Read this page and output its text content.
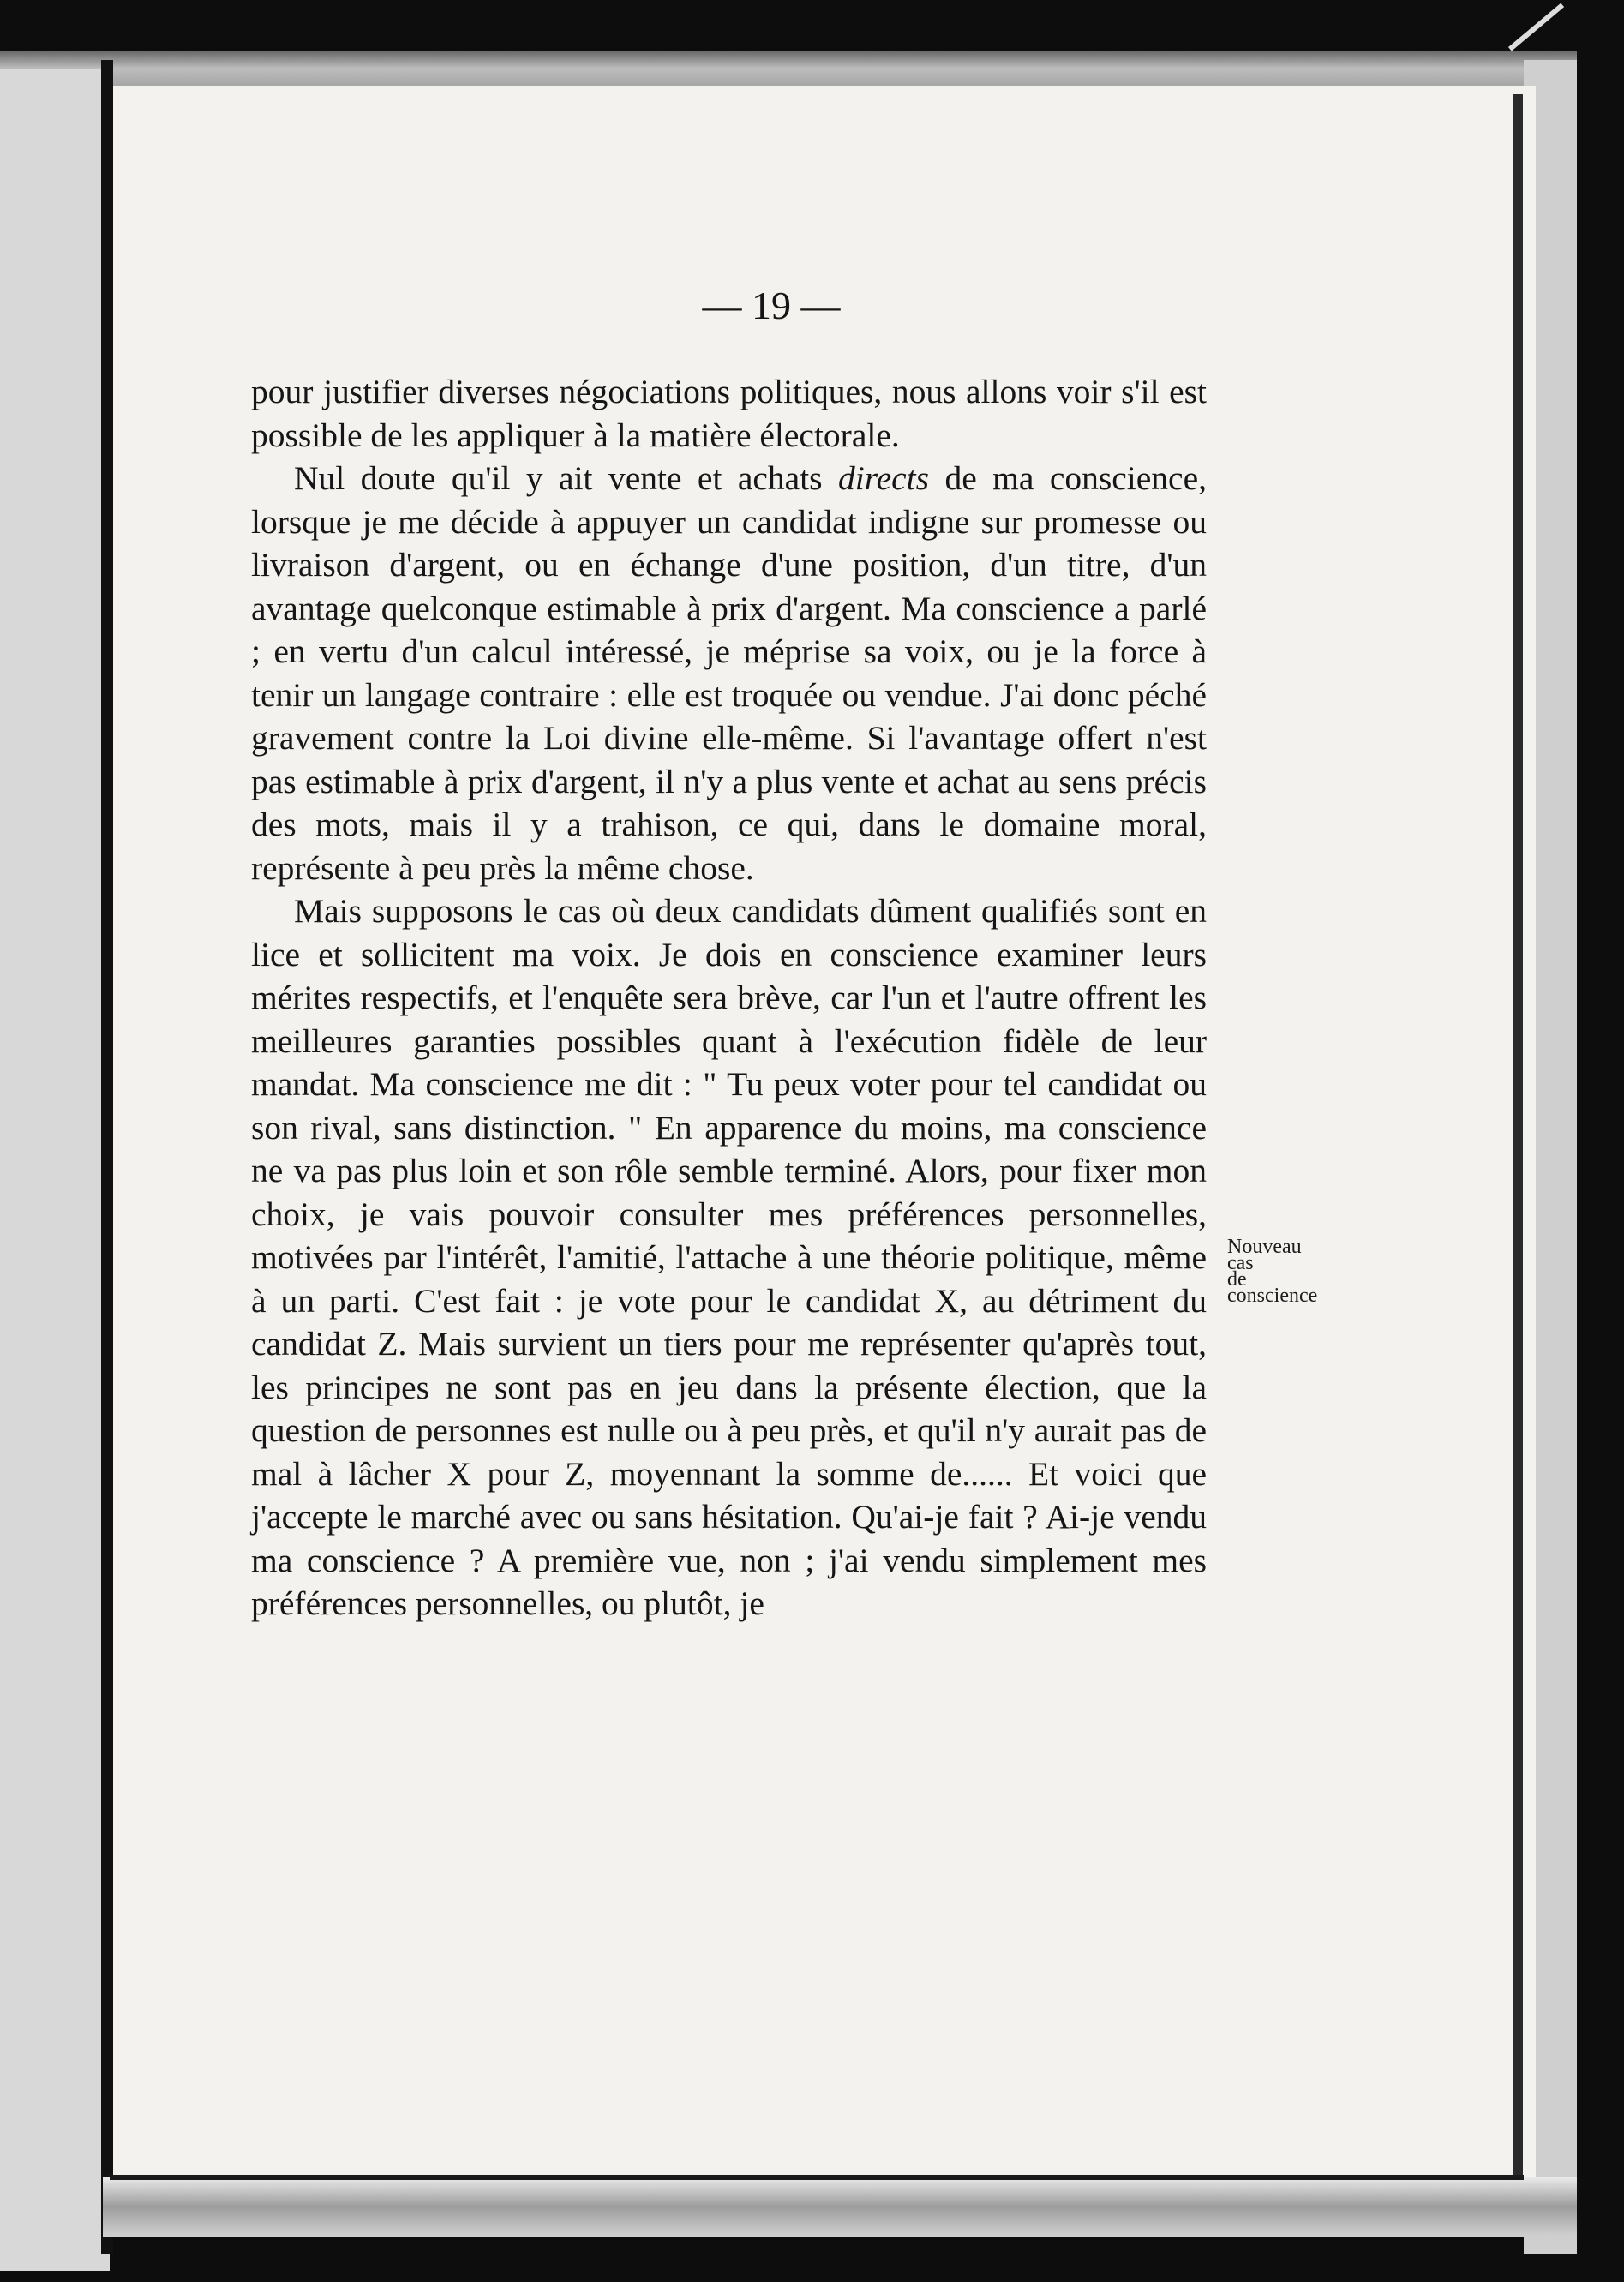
— 19 —

pour justifier diverses négociations politiques, nous allons voir s'il est possible de les appliquer à la matière électorale.

Nul doute qu'il y ait vente et achats directs de ma conscience, lorsque je me décide à appuyer un candidat indigne sur promesse ou livraison d'argent, ou en échange d'une position, d'un titre, d'un avantage quelconque estimable à prix d'argent. Ma conscience a parlé ; en vertu d'un calcul intéressé, je méprise sa voix, ou je la force à tenir un langage contraire : elle est troquée ou vendue. J'ai donc péché gravement contre la Loi divine elle-même. Si l'avantage offert n'est pas estimable à prix d'argent, il n'y a plus vente et achat au sens précis des mots, mais il y a trahison, ce qui, dans le domaine moral, représente à peu près la même chose.

Mais supposons le cas où deux candidats dûment qualifiés sont en lice et sollicitent ma voix. Je dois en conscience examiner leurs mérites respectifs, et l'enquête sera brève, car l'un et l'autre offrent les meilleures garanties possibles quant à l'exécution fidèle de leur mandat. Ma conscience me dit : " Tu peux voter pour tel candidat ou son rival, sans distinction. " En apparence du moins, ma conscience ne va pas plus loin et son rôle semble terminé. Alors, pour fixer mon choix, je vais pouvoir consulter mes préférences personnelles, motivées par l'intérêt, l'amitié, l'attache à une théorie politique, même à un parti. C'est fait : je vote pour le candidat X, au détriment du candidat Z. Mais survient un tiers pour me représenter qu'après tout, les principes ne sont pas en jeu dans la présente élection, que la question de personnes est nulle ou à peu près, et qu'il n'y aurait pas de mal à lâcher X pour Z, moyennant la somme de...... Et voici que j'accepte le marché avec ou sans hésitation. Qu'ai-je fait ? Ai-je vendu ma conscience ? A première vue, non ; j'ai vendu simplement mes préférences personnelles, ou plutôt, je

Nouveau
cas
de
conscience
